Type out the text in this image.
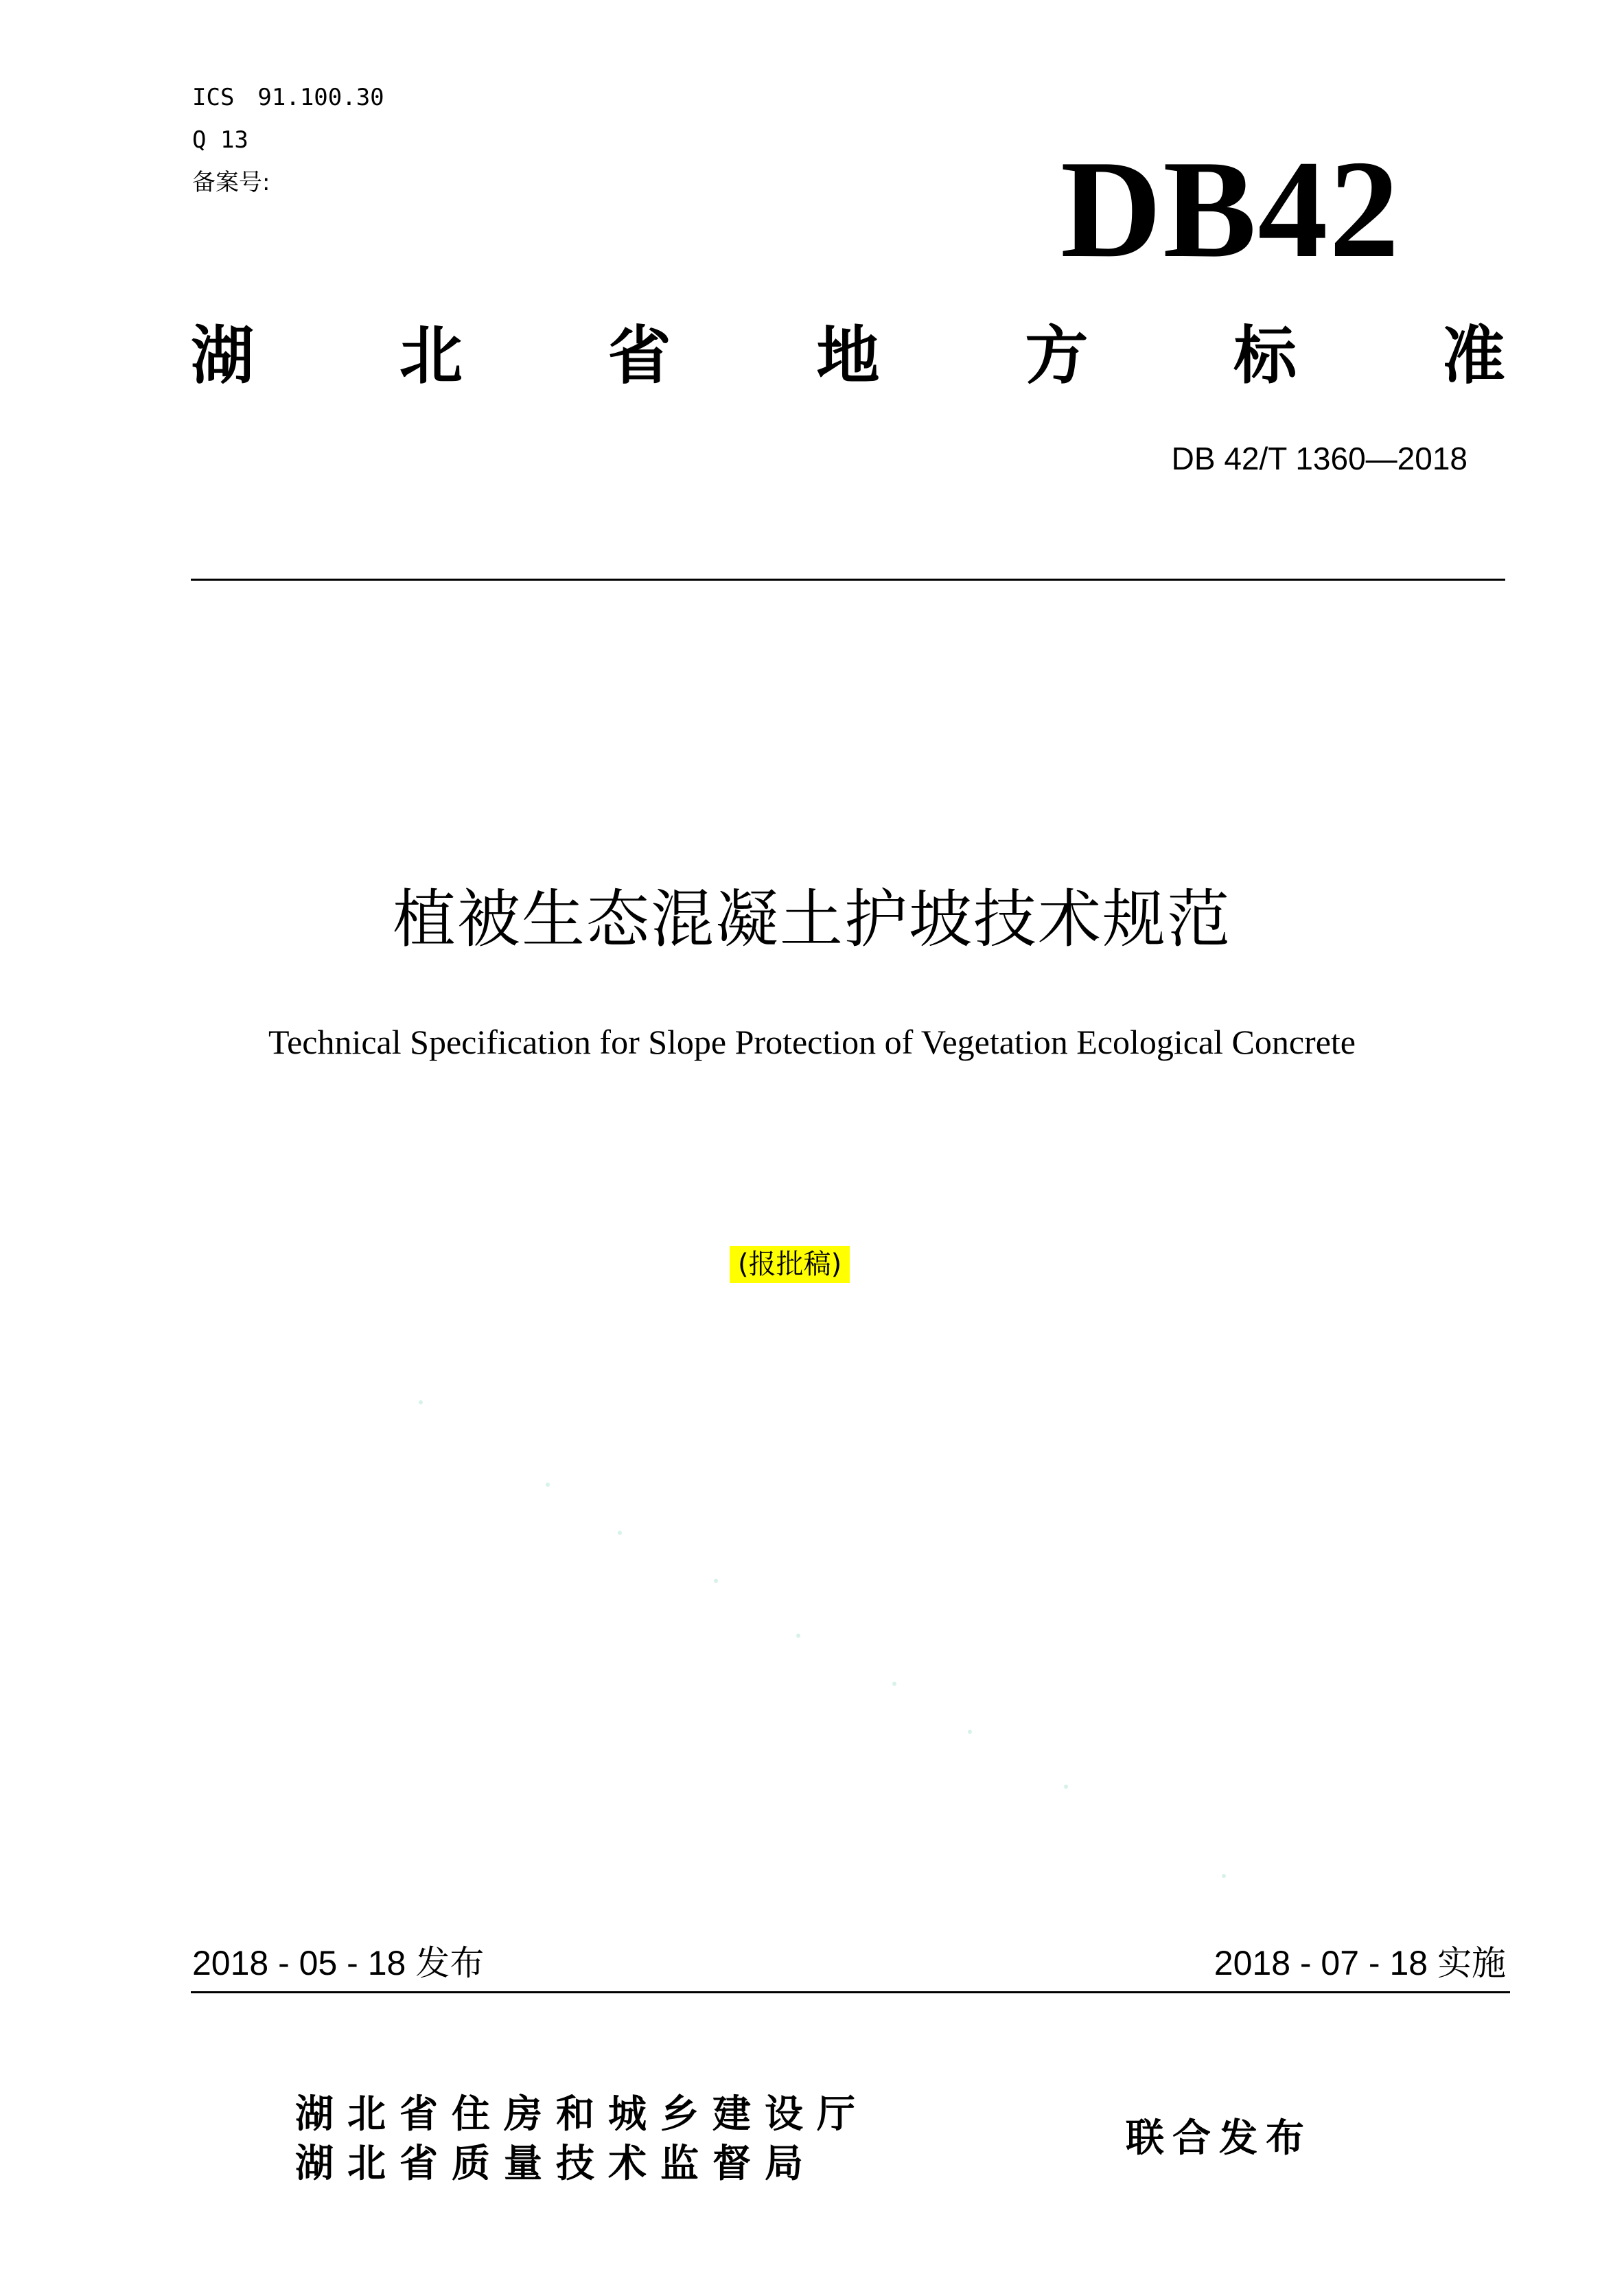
ICS 91.100.30
Q 13
备案号:	DB42
湖 北 省 地 方 标 准
DB 42/T 1360—2018
植被生态混凝土护坡技术规范
Technical Specification for Slope Protection of Vegetation Ecological Concrete
(报批稿)
2018 - 05 - 18 发布	2018 - 07 - 18 实施
湖北省住房和城乡建设厅
湖北省质量技术监督局
联合发布
